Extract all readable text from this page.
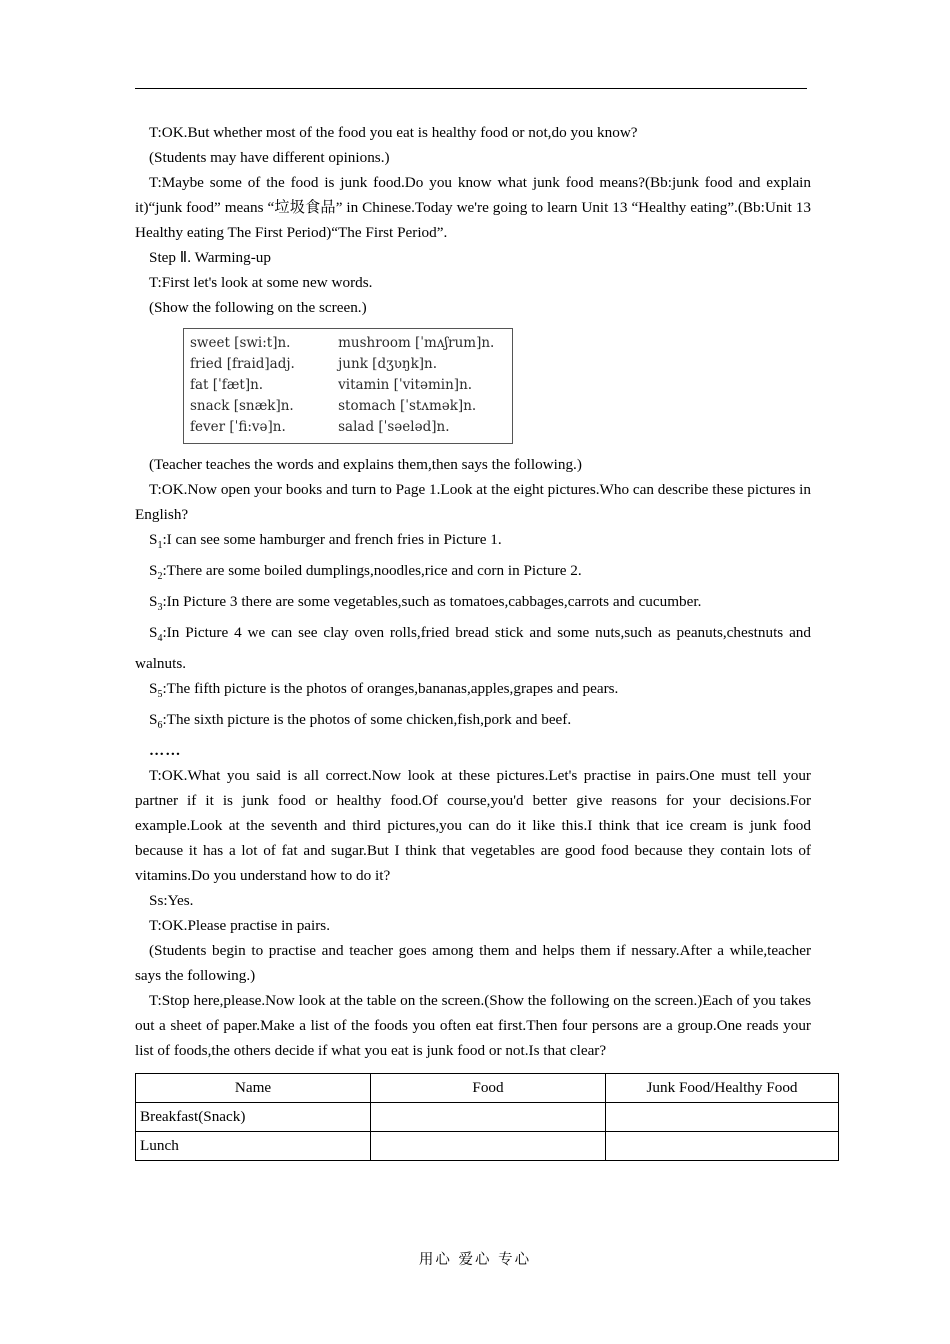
T:OK.But whether most of the food you eat is healthy food or not,do you know?

(Students may have different opinions.)

T:Maybe some of the food is junk food.Do you know what junk food means?(Bb:junk food and explain it)“junk food” means “垃圾食品” in Chinese.Today we're going to learn Unit 13 “Healthy eating”.(Bb:Unit 13 Healthy eating The First Period)“The First Period”.

Step Ⅱ. Warming-up

T:First let's look at some new words.

(Show the following on the screen.)

sweet [swi:t]n.	mushroom [ˈmʌʃrum]n.
fried [fraid]adj.	junk [dʒʋŋk]n.
fat [ˈfæt]n.	vitamin [ˈvitəmin]n.
snack [snæk]n.	stomach [ˈstʌmək]n.
fever [ˈfi:və]n.	salad [ˈsəeləd]n.

(Teacher teaches the words and explains them,then says the following.)

T:OK.Now open your books and turn to Page 1.Look at the eight pictures.Who can describe these pictures in English?

$S_1:I$ can see some hamburger and french fries in Picture 1.

$S_2:There$ are some boiled dumplings,noodles,rice and corn in Picture 2.

$S_3:In$ Picture 3 there are some vegetables,such as tomatoes,cabbages,carrots and cucumber.

$S_4:In$ Picture 4 we can see clay oven rolls,fried bread stick and some nuts,such as peanuts,chestnuts and walnuts.

$S_5:The$ fifth picture is the photos of oranges,bananas,apples,grapes and pears.

$S_6:The$ sixth picture is the photos of some chicken,fish,pork and beef.

……

T:OK.What you said is all correct.Now look at these pictures.Let's practise in pairs.One must tell your partner if it is junk food or healthy food.Of course,you'd better give reasons for your decisions.For example.Look at the seventh and third pictures,you can do it like this.I think that ice cream is junk food because it has a lot of fat and sugar.But I think that vegetables are good food because they contain lots of vitamins.Do you understand how to do it?

Ss:Yes.

T:OK.Please practise in pairs.

(Students begin to practise and teacher goes among them and helps them if nessary.After a while,teacher says the following.)

T:Stop here,please.Now look at the table on the screen.(Show the following on the screen.)Each of you takes out a sheet of paper.Make a list of the foods you often eat first.Then four persons are a group.One reads your list of foods,the others decide if what you eat is junk food or not.Is that clear?

Name	Food	Junk Food/Healthy Food
Breakfast(Snack)		
Lunch		
用心 爱心 专心
